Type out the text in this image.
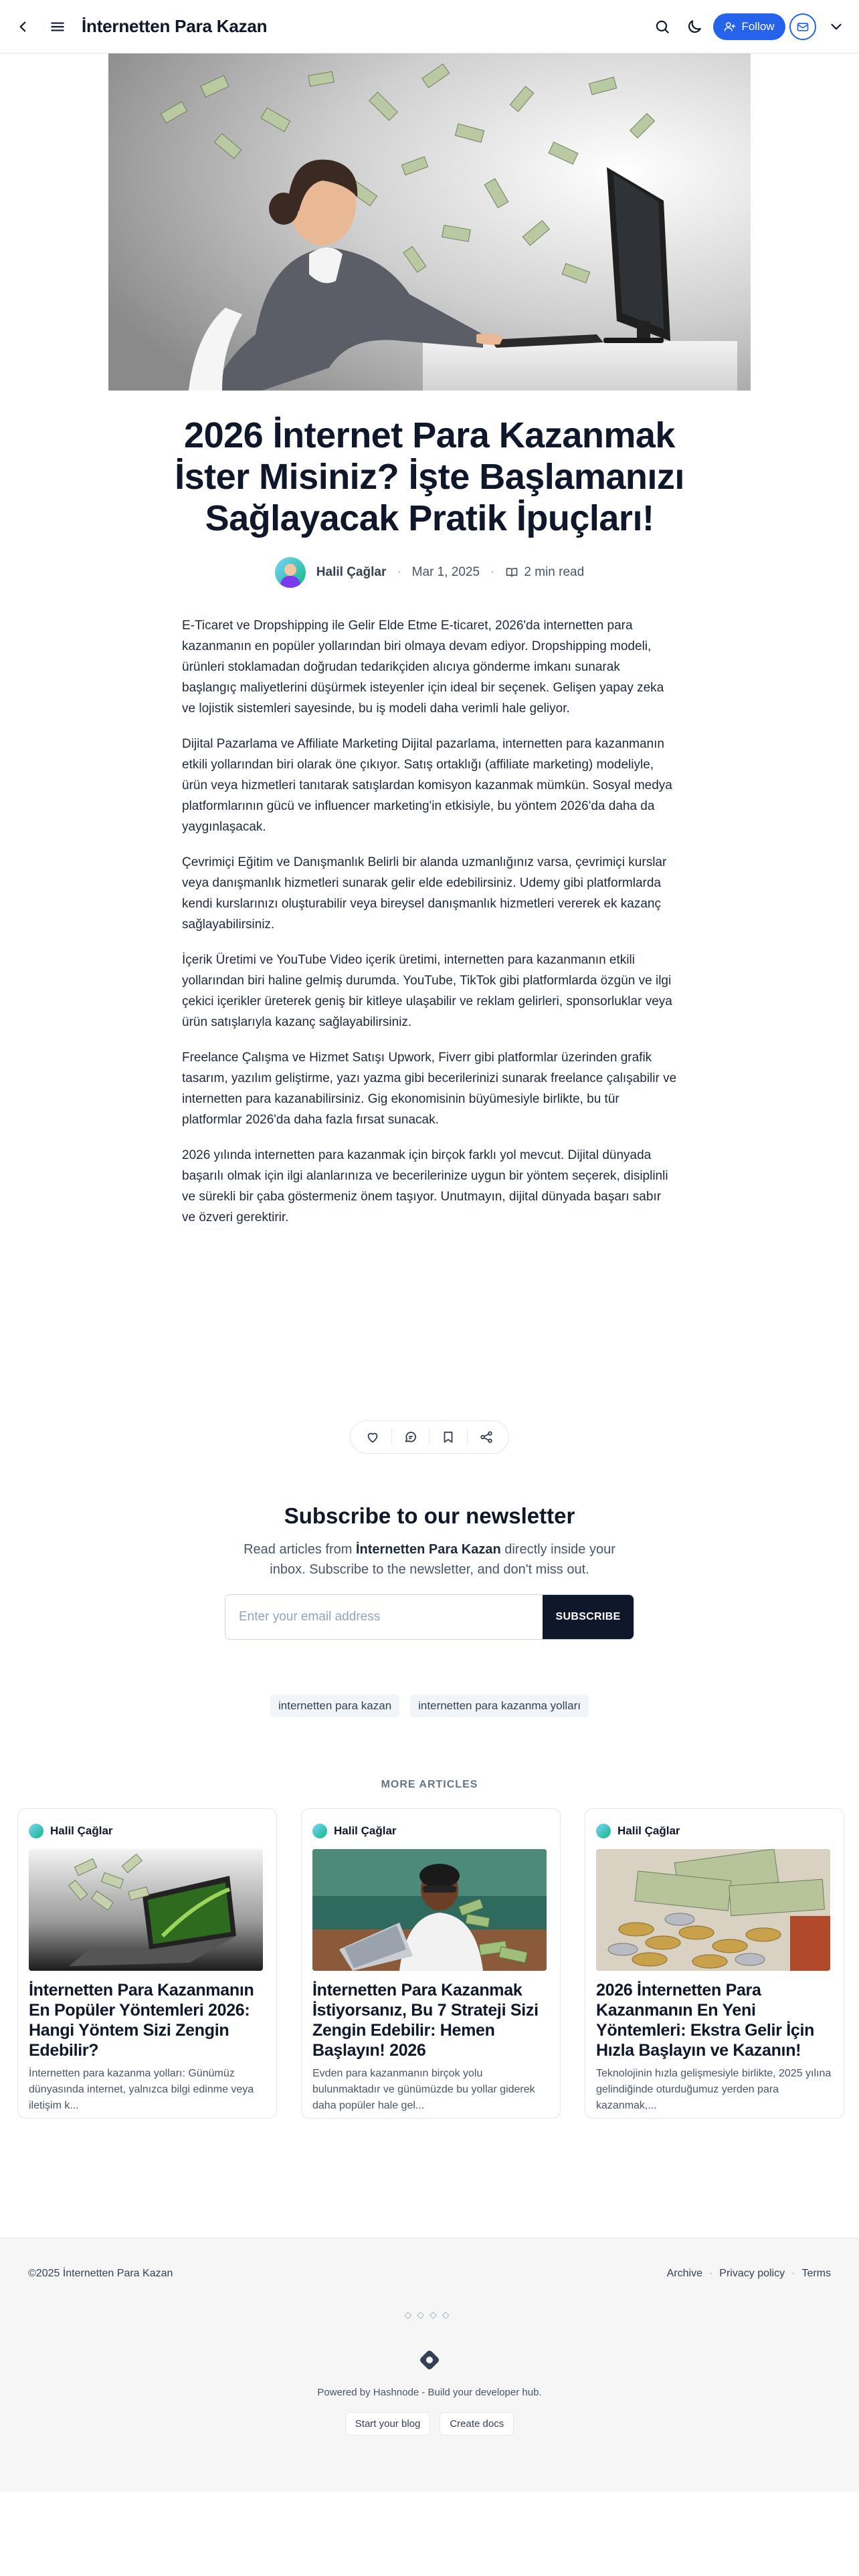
İnternetten Para Kazan	Follow
2026 İnternet Para Kazanmak İster Misiniz? İşte Başlamanızı Sağlayacak Pratik İpuçları!
Halil Çağlar · Mar 1, 2025 · 2 min read

E-Ticaret ve Dropshipping ile Gelir Elde Etme E-ticaret, 2026'da internetten para kazanmanın en popüler yollarından biri olmaya devam ediyor. Dropshipping modeli, ürünleri stoklamadan doğrudan tedarikçiden alıcıya gönderme imkanı sunarak başlangıç maliyetlerini düşürmek isteyenler için ideal bir seçenek. Gelişen yapay zeka ve lojistik sistemleri sayesinde, bu iş modeli daha verimli hale geliyor.

Dijital Pazarlama ve Affiliate Marketing Dijital pazarlama, internetten para kazanmanın etkili yollarından biri olarak öne çıkıyor. Satış ortaklığı (affiliate marketing) modeliyle, ürün veya hizmetleri tanıtarak satışlardan komisyon kazanmak mümkün. Sosyal medya platformlarının gücü ve influencer marketing'in etkisiyle, bu yöntem 2026'da daha da yaygınlaşacak.

Çevrimiçi Eğitim ve Danışmanlık Belirli bir alanda uzmanlığınız varsa, çevrimiçi kurslar veya danışmanlık hizmetleri sunarak gelir elde edebilirsiniz. Udemy gibi platformlarda kendi kurslarınızı oluşturabilir veya bireysel danışmanlık hizmetleri vererek ek kazanç sağlayabilirsiniz.

İçerik Üretimi ve YouTube Video içerik üretimi, internetten para kazanmanın etkili yollarından biri haline gelmiş durumda. YouTube, TikTok gibi platformlarda özgün ve ilgi çekici içerikler üreterek geniş bir kitleye ulaşabilir ve reklam gelirleri, sponsorluklar veya ürün satışlarıyla kazanç sağlayabilirsiniz.

Freelance Çalışma ve Hizmet Satışı Upwork, Fiverr gibi platformlar üzerinden grafik tasarım, yazılım geliştirme, yazı yazma gibi becerilerinizi sunarak freelance çalışabilir ve internetten para kazanabilirsiniz. Gig ekonomisinin büyümesiyle birlikte, bu tür platformlar 2026'da daha fazla fırsat sunacak.

2026 yılında internetten para kazanmak için birçok farklı yol mevcut. Dijital dünyada başarılı olmak için ilgi alanlarınıza ve becerilerinize uygun bir yöntem seçerek, disiplinli ve sürekli bir çaba göstermeniz önem taşıyor. Unutmayın, dijital dünyada başarı sabır ve özveri gerektirir.

Subscribe to our newsletter

Read articles from İnternetten Para Kazan directly inside your inbox. Subscribe to the newsletter, and don't miss out.

Enter your email address
SUBSCRIBE
internetten para kazan	internetten para kazanma yolları
MORE ARTICLES
Halil Çağlar
İnternetten Para Kazanmanın En Popüler Yöntemleri 2026: Hangi Yöntem Sizi Zengin Edebilir?

İnternetten para kazanma yolları: Günümüz dünyasında internet, yalnızca bilgi edinme veya iletişim k...

Halil Çağlar
İnternetten Para Kazanmak İstiyorsanız, Bu 7 Strateji Sizi Zengin Edebilir: Hemen Başlayın! 2026

Evden para kazanmanın birçok yolu bulunmaktadır ve günümüzde bu yollar giderek daha popüler hale gel...

Halil Çağlar
2026 İnternetten Para Kazanmanın En Yeni Yöntemleri: Ekstra Gelir İçin Hızla Başlayın ve Kazanın!

Teknolojinin hızla gelişmesiyle birlikte, 2025 yılına gelindiğinde oturduğumuz yerden para kazanmak,...

©2025 İnternetten Para Kazan	Archive · Privacy policy · Terms
◇◇◇◇
Powered by Hashnode - Build your developer hub.
Start your blog	Create docs
